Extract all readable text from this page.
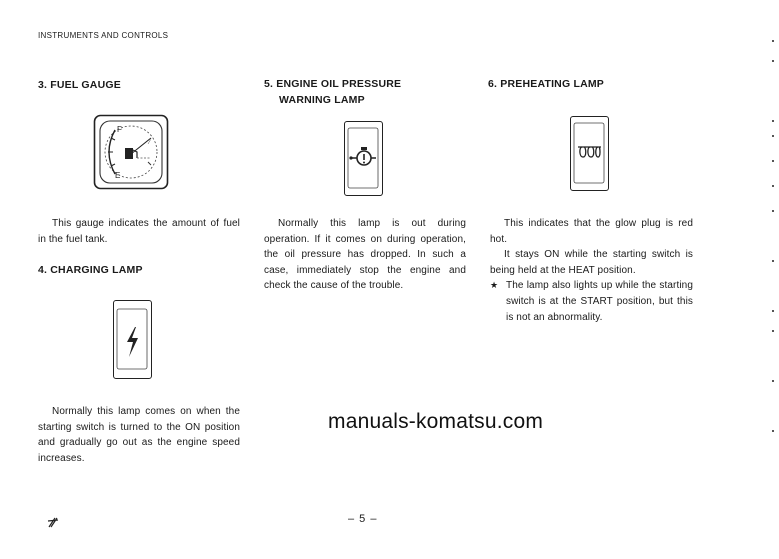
INSTRUMENTS AND CONTROLS
3. FUEL GAUGE
F
E
⁄

This gauge indicates the amount of fuel in the fuel tank.

4. CHARGING LAMP

Normally this lamp comes on when the starting switch is turned to the ON position and gradually go out as the engine speed increases.

5. ENGINE OIL PRESSURE
WARNING LAMP

Normally this lamp is out during operation. If it comes on during operation, the oil pressure has dropped. In such a case, immediately stop the engine and check the cause of the trouble.

6. PREHEATING LAMP

This indicates that the glow plug is red hot.

It stays ON while the starting switch is being held at the HEAT position.

★ The lamp also lights up while the starting switch is at the START position, but this is not an abnormality.

manuals-komatsu.com
– 5 –
